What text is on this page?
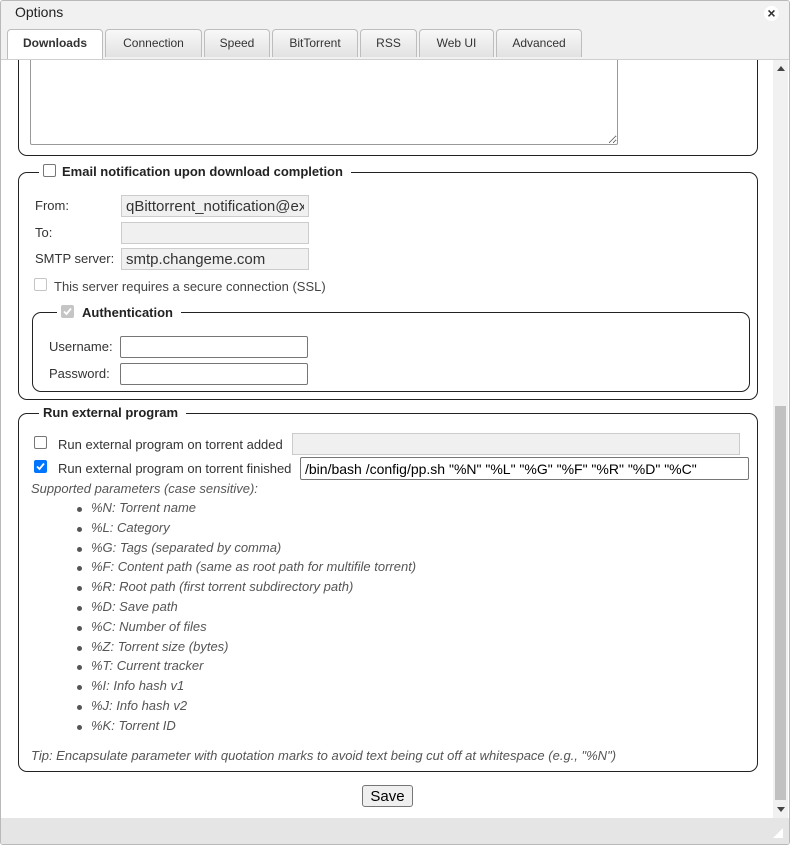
Options	×
Downloads	Connection	Speed	BitTorrent	RSS	Web UI	Advanced
Email notification upon download completion
From:
qBittorrent_notification@example.com
To:
SMTP server:
smtp.changeme.com
This server requires a secure connection (SSL)
Authentication
Username:
Password:
Run external program
Run external program on torrent added
Run external program on torrent finished
/bin/bash /config/pp.sh "%N" "%L" "%G" "%F" "%R" "%D" "%C"
Supported parameters (case sensitive):
%N: Torrent name
%L: Category
%G: Tags (separated by comma)
%F: Content path (same as root path for multifile torrent)
%R: Root path (first torrent subdirectory path)
%D: Save path
%C: Number of files
%Z: Torrent size (bytes)
%T: Current tracker
%I: Info hash v1
%J: Info hash v2
%K: Torrent ID
Tip: Encapsulate parameter with quotation marks to avoid text being cut off at whitespace (e.g., "%N")
Save
